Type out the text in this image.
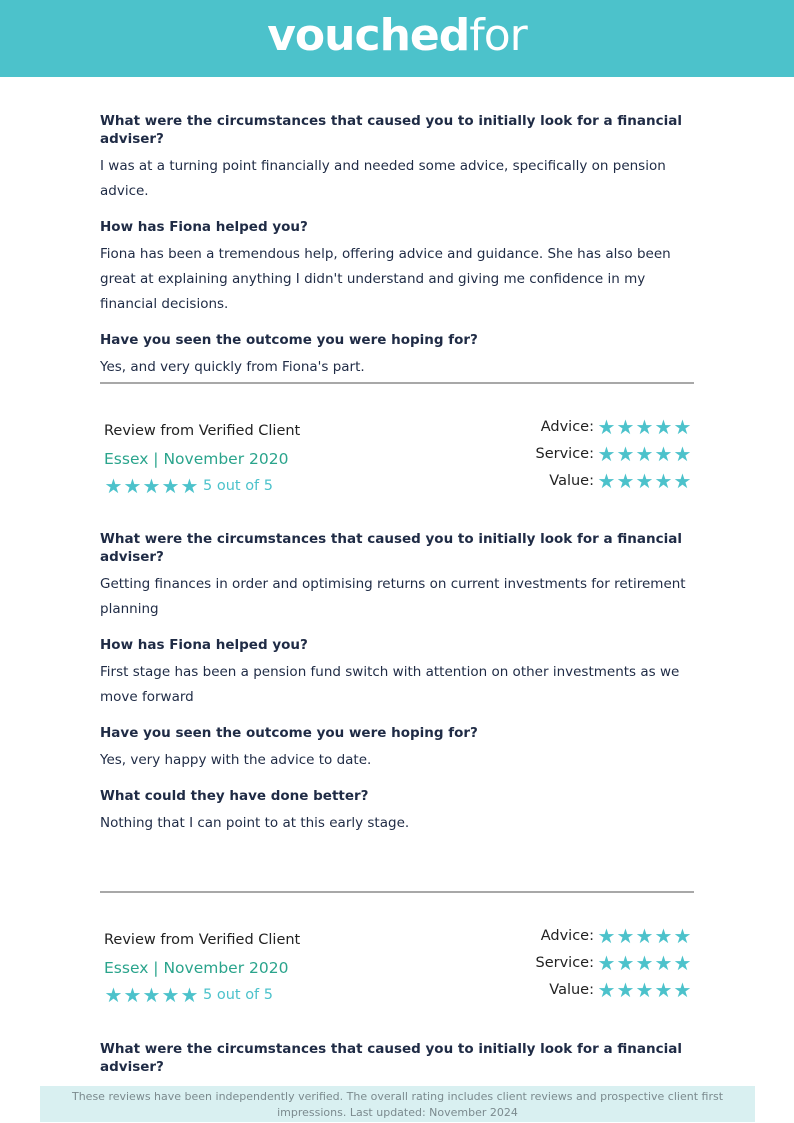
vouchedfor
What were the circumstances that caused you to initially look for a financial adviser?
I was at a turning point financially and needed some advice, specifically on pension advice.
How has Fiona helped you?
Fiona has been a tremendous help, offering advice and guidance. She has also been great at explaining anything I didn't understand and giving me confidence in my financial decisions.
Have you seen the outcome you were hoping for?
Yes, and very quickly from Fiona's part.
Review from Verified Client
Essex | November 2020
★ ★ ★ ★ ★ 5 out of 5
Advice: ★ ★ ★ ★ ★
Service: ★ ★ ★ ★ ★
Value: ★ ★ ★ ★ ★
What were the circumstances that caused you to initially look for a financial adviser?
Getting finances in order and optimising returns on current investments for retirement planning
How has Fiona helped you?
First stage has been a pension fund switch with attention on other investments as we move forward
Have you seen the outcome you were hoping for?
Yes, very happy with the advice to date.
What could they have done better?
Nothing that I can point to at this early stage.
Review from Verified Client
Essex | November 2020
★ ★ ★ ★ ★ 5 out of 5
Advice: ★ ★ ★ ★ ★
Service: ★ ★ ★ ★ ★
Value: ★ ★ ★ ★ ★
What were the circumstances that caused you to initially look for a financial adviser?
These reviews have been independently verified. The overall rating includes client reviews and prospective client first impressions. Last updated: November 2024
